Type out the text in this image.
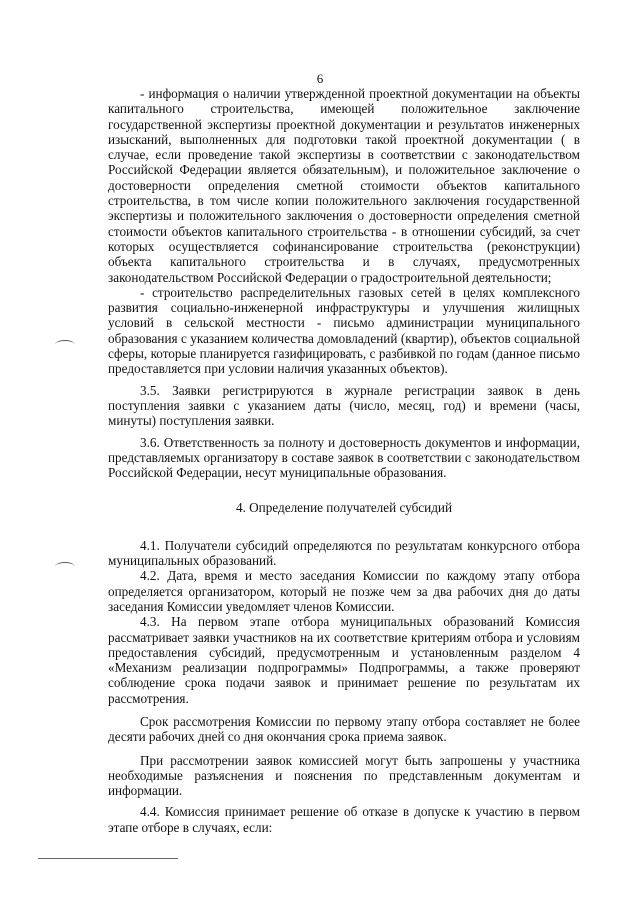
6

- информация о наличии утвержденной проектной документации на объекты капитального строительства, имеющей положительное заключение государственной экспертизы проектной документации и результатов инженерных изысканий, выполненных для подготовки такой проектной документации ( в случае, если проведение такой экспертизы в соответствии с законодательством Российской Федерации является обязательным), и положительное заключение о достоверности определения сметной стоимости объектов капитального строительства, в том числе копии положительного заключения государственной экспертизы и положительного заключения о достоверности определения сметной стоимости объектов капитального строительства - в отношении субсидий, за счет которых осуществляется софинансирование строительства (реконструкции) объекта капитального строительства и в случаях, предусмотренных законодательством Российской Федерации о градостроительной деятельности;

- строительство распределительных газовых сетей в целях комплексного развития социально-инженерной инфраструктуры и улучшения жилищных условий в сельской местности - письмо администрации муниципального образования с указанием количества домовладений (квартир), объектов социальной сферы, которые планируется газифицировать, с разбивкой по годам (данное письмо предоставляется при условии наличия указанных объектов).

3.5. Заявки регистрируются в журнале регистрации заявок в день поступления заявки с указанием даты (число, месяц, год) и времени (часы, минуты) поступления заявки.

3.6. Ответственность за полноту и достоверность документов и информации, представляемых организатору в составе заявок в соответствии с законодательством Российской Федерации, несут муниципальные образования.

4. Определение получателей субсидий

4.1. Получатели субсидий определяются по результатам конкурсного отбора муниципальных образований.

4.2. Дата, время и место заседания Комиссии по каждому этапу отбора определяется организатором, который не позже чем за два рабочих дня до даты заседания Комиссии уведомляет членов Комиссии.

4.3. На первом этапе отбора муниципальных образований Комиссия рассматривает заявки участников на их соответствие критериям отбора и условиям предоставления субсидий, предусмотренным и установленным разделом 4 «Механизм реализации подпрограммы» Подпрограммы, а также проверяют соблюдение срока подачи заявок и принимает решение по результатам их рассмотрения.

Срок рассмотрения Комиссии по первому этапу отбора составляет не более десяти рабочих дней со дня окончания срока приема заявок.

При рассмотрении заявок комиссией могут быть запрошены у участника необходимые разъяснения и пояснения по представленным документам и информации.

4.4. Комиссия принимает решение об отказе в допуске к участию в первом этапе отборе в случаях, если:
